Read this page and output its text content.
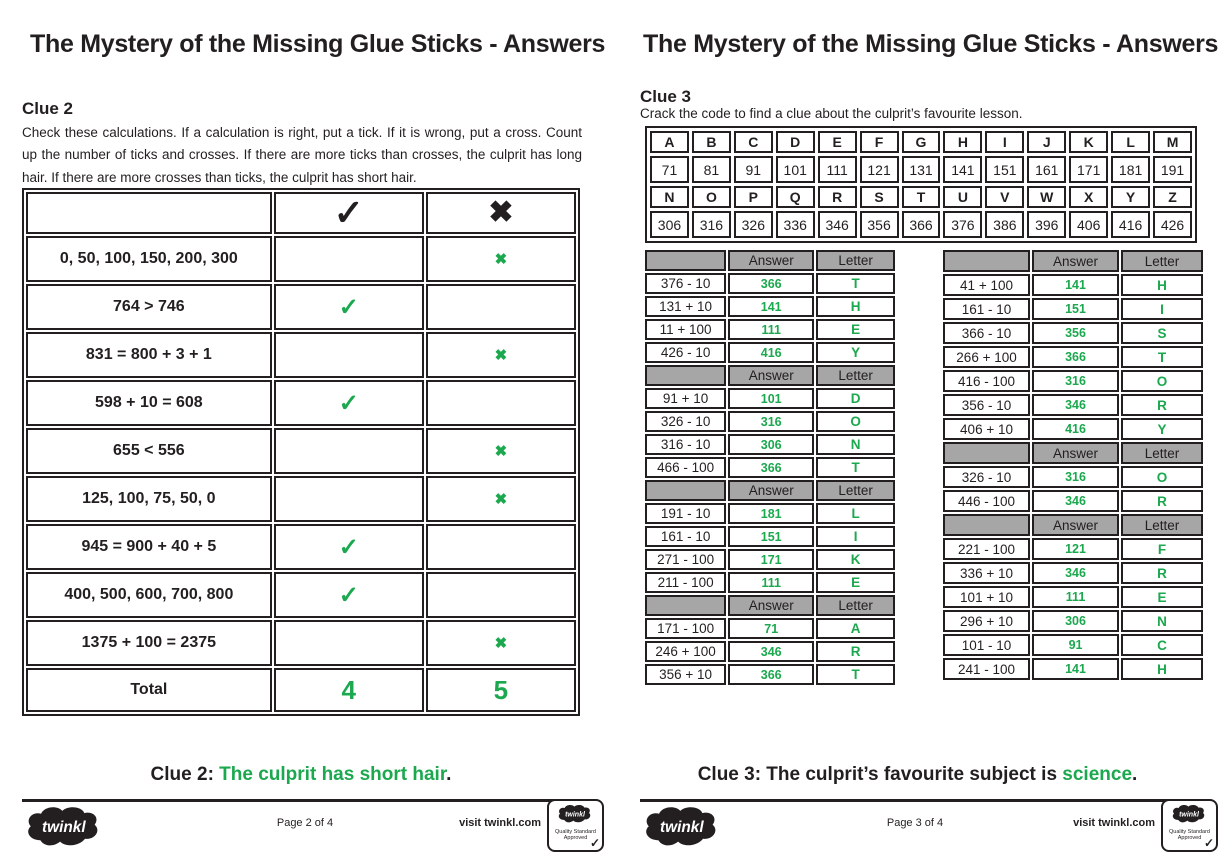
The Mystery of the Missing Glue Sticks - Answers
Clue 2

Check these calculations. If a calculation is right, put a tick. If it is wrong, put a cross. Count up the number of ticks and crosses. If there are more ticks than crosses, the culprit has long hair. If there are more crosses than ticks, the culprit has short hair.

	✓	✖
0, 50, 100, 150, 200, 300		✖
764 > 746	✓	
831 = 800 + 3 + 1		✖
598 + 10 = 608	✓	
655 < 556		✖
125, 100, 75, 50, 0		✖
945 = 900 + 40 + 5	✓	
400, 500, 600, 700, 800	✓	
1375 + 100 = 2375		✖
Total	4	5

Clue 2: The culprit has short hair.

twinkl	Page 2 of 4	visit twinkl.com
twinkl
Quality Standard
Approved ✓
The Mystery of the Missing Glue Sticks - Answers
Clue 3

Crack the code to find a clue about the culprit’s favourite lesson.

A	B	C	D	E	F	G	H	I	J	K	L	M
71	81	91	101	111	121	131	141	151	161	171	181	191
N	O	P	Q	R	S	T	U	V	W	X	Y	Z
306	316	326	336	346	356	366	376	386	396	406	416	426
	Answer	Letter
376 - 10	366	T
131 + 10	141	H
11 + 100	111	E
426 - 10	416	Y
	Answer	Letter
91 + 10	101	D
326 - 10	316	O
316 - 10	306	N
466 - 100	366	T
	Answer	Letter
191 - 10	181	L
161 - 10	151	I
271 - 100	171	K
211 - 100	111	E
	Answer	Letter
171 - 100	71	A
246 + 100	346	R
356 + 10	366	T
	Answer	Letter
41 + 100	141	H
161 - 10	151	I
366 - 10	356	S
266 + 100	366	T
416 - 100	316	O
356 - 10	346	R
406 + 10	416	Y
	Answer	Letter
326 - 10	316	O
446 - 100	346	R
	Answer	Letter
221 - 100	121	F
336 + 10	346	R
101 + 10	111	E
296 + 10	306	N
101 - 10	91	C
241 - 100	141	H

Clue 3: The culprit’s favourite subject is science.

twinkl	Page 3 of 4	visit twinkl.com
twinkl
Quality Standard
Approved ✓
